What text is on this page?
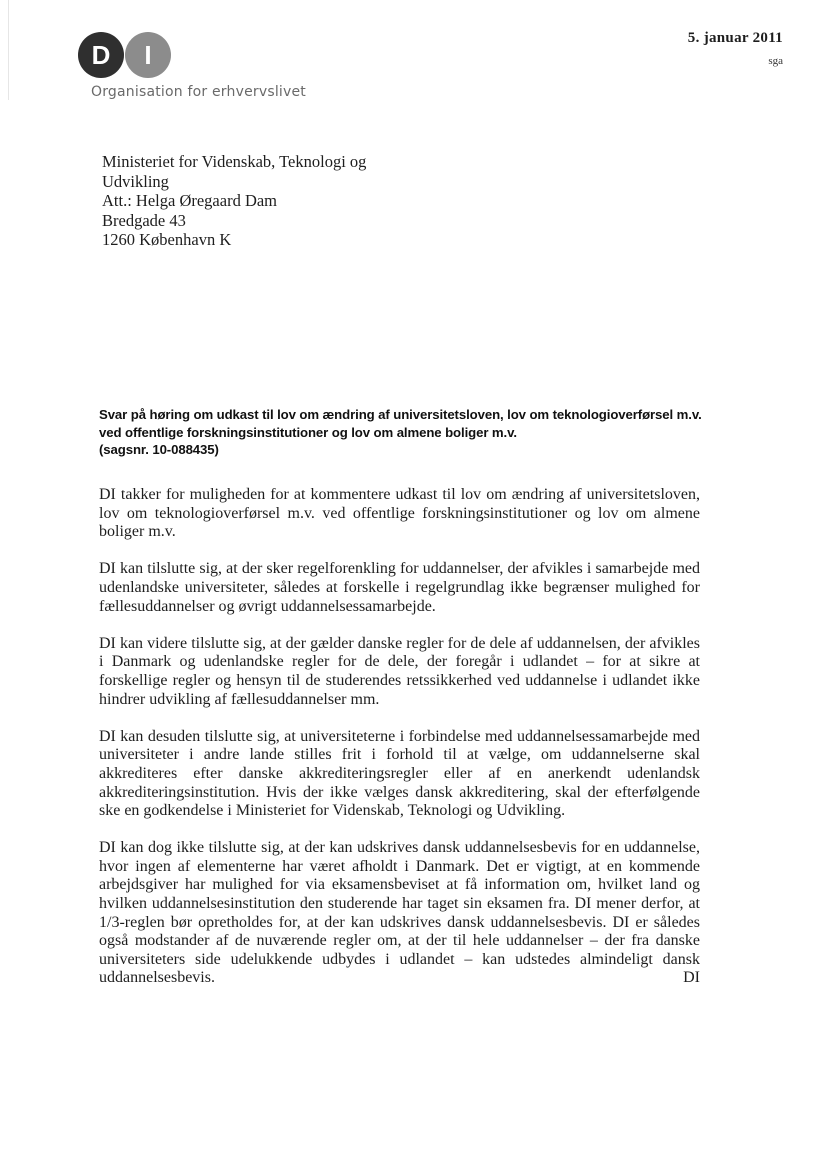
D	I
Organisation for erhvervslivet
5. januar 2011
sga
Ministeriet for Videnskab, Teknologi og
Udvikling
Att.: Helga Øregaard Dam
Bredgade 43
1260 København K
Svar på høring om udkast til lov om ændring af universitetsloven, lov om teknologioverførsel m.v.
ved offentlige forskningsinstitutioner og lov om almene boliger m.v.
(sagsnr. 10-088435)

DI takker for muligheden for at kommentere udkast til lov om ændring af universitetsloven, lov om teknologioverførsel m.v. ved offentlige forskningsinstitutioner og lov om almene boliger m.v.

DI kan tilslutte sig, at der sker regelforenkling for uddannelser, der afvikles i samarbejde med udenlandske universiteter, således at forskelle i regelgrundlag ikke begrænser mulighed for fællesuddannelser og øvrigt uddannelsessamarbejde.

DI kan videre tilslutte sig, at der gælder danske regler for de dele af uddannelsen, der afvikles i Danmark og udenlandske regler for de dele, der foregår i udlandet – for at sikre at forskellige regler og hensyn til de studerendes retssikkerhed ved uddannelse i udlandet ikke hindrer udvikling af fællesuddannelser mm.

DI kan desuden tilslutte sig, at universiteterne i forbindelse med uddannelsessamarbejde med universiteter i andre lande stilles frit i forhold til at vælge, om uddannelserne skal akkrediteres efter danske akkrediteringsregler eller af en anerkendt udenlandsk akkrediteringsinstitution. Hvis der ikke vælges dansk akkreditering, skal der efterfølgende ske en godkendelse i Ministeriet for Videnskab, Teknologi og Udvikling.

DI kan dog ikke tilslutte sig, at der kan udskrives dansk uddannelsesbevis for en uddannelse, hvor ingen af elementerne har været afholdt i Danmark. Det er vigtigt, at en kommende arbejdsgiver har mulighed for via eksamensbeviset at få information om, hvilket land og hvilken uddannelsesinstitution den studerende har taget sin eksamen fra. DI mener derfor, at 1/3-reglen bør opretholdes for, at der kan udskrives dansk uddannelsesbevis. DI er således også modstander af de nuværende regler om, at der til hele uddannelser – der fra danske universiteters side udelukkende udbydes i udlandet – kan udstedes almindeligt dansk uddannelsesbevis. DI
